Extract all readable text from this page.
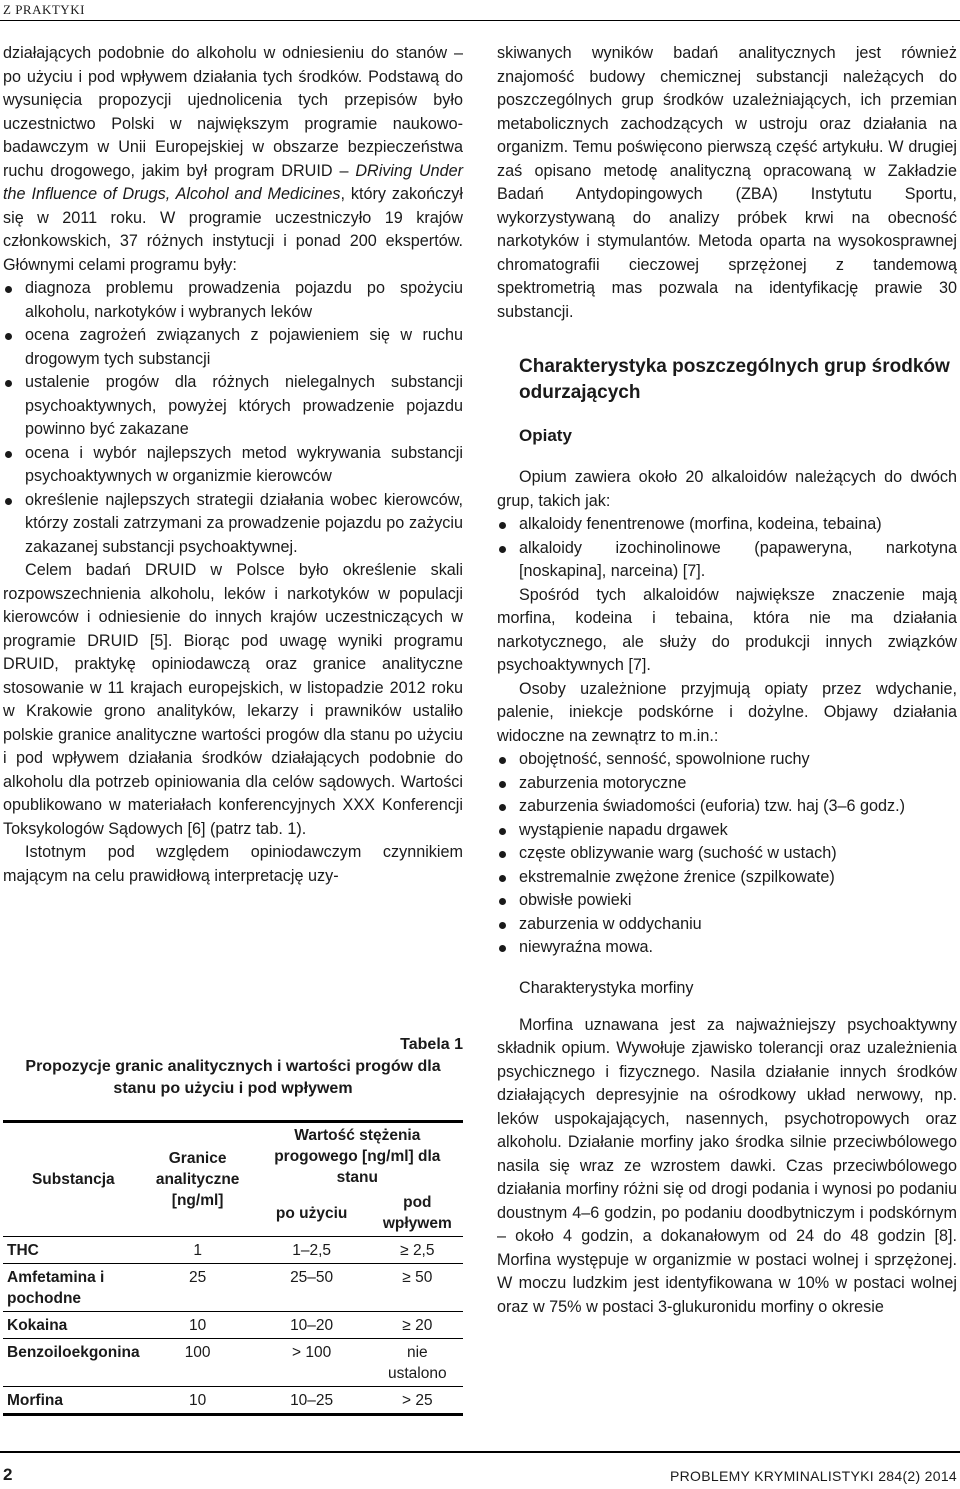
Z PRAKTYKI

działających podobnie do alkoholu w odniesieniu do stanów – po użyciu i pod wpływem działania tych środków. Podstawą do wysunięcia propozycji ujednolicenia tych przepisów było uczestnictwo Polski w największym programie naukowo-badawczym w Unii Europejskiej w obszarze bezpieczeństwa ruchu drogowego, jakim był program DRUID – DRiving Under the Influence of Drugs, Alcohol and Medicines, który zakończył się w 2011 roku. W programie uczestniczyło 19 krajów członkowskich, 37 różnych instytucji i ponad 200 ekspertów. Głównymi celami programu były:

diagnoza problemu prowadzenia pojazdu po spożyciu alkoholu, narkotyków i wybranych leków
ocena zagrożeń związanych z pojawieniem się w ruchu drogowym tych substancji
ustalenie progów dla różnych nielegalnych substancji psychoaktywnych, powyżej których prowadzenie pojazdu powinno być zakazane
ocena i wybór najlepszych metod wykrywania substancji psychoaktywnych w organizmie kierowców
określenie najlepszych strategii działania wobec kierowców, którzy zostali zatrzymani za prowadzenie pojazdu po zażyciu zakazanej substancji psychoaktywnej.

Celem badań DRUID w Polsce było określenie skali rozpowszechnienia alkoholu, leków i narkotyków w populacji kierowców i odniesienie do innych krajów uczestniczących w programie DRUID [5]. Biorąc pod uwagę wyniki programu DRUID, praktykę opiniodawczą oraz granice analityczne stosowanie w 11 krajach europejskich, w listopadzie 2012 roku w Krakowie grono analityków, lekarzy i prawników ustaliło polskie granice analityczne wartości progów dla stanu po użyciu i pod wpływem działania środków działających podobnie do alkoholu dla potrzeb opiniowania dla celów sądowych. Wartości opublikowano w materiałach konferencyjnych XXX Konferencji Toksykologów Sądowych [6] (patrz tab. 1).

Istotnym pod względem opiniodawczym czynnikiem mającym na celu prawidłową interpretację uzy-

Tabela 1
Propozycje granic analitycznych i wartości progów dla stanu po użyciu i pod wpływem
Substancja	Granice analityczne [ng/ml]	Wartość stężenia progowego [ng/ml] dla stanu	
		po użyciu	pod wpływem
THC	1	1–2,5	≥ 2,5
Amfetamina i pochodne	25	25–50	≥ 50
Kokaina	10	10–20	≥ 20
Benzoiloekgonina	100	> 100	nie ustalono
Morfina	10	10–25	> 25

skiwanych wyników badań analitycznych jest również znajomość budowy chemicznej substancji należących do poszczególnych grup środków uzależniających, ich przemian metabolicznych zachodzących w ustroju oraz działania na organizm. Temu poświęcono pierwszą część artykułu. W drugiej zaś opisano metodę analityczną opracowaną w Zakładzie Badań Antydopingowych (ZBA) Instytutu Sportu, wykorzystywaną do analizy próbek krwi na obecność narkotyków i stymulantów. Metoda oparta na wysokosprawnej chromatografii cieczowej sprzężonej z tandemową spektrometrią mas pozwala na identyfikację prawie 30 substancji.

Charakterystyka poszczególnych grup środków odurzających
Opiaty

Opium zawiera około 20 alkaloidów należących do dwóch grup, takich jak:

alkaloidy fenentrenowe (morfina, kodeina, tebaina)
alkaloidy izochinolinowe (papaweryna, narkotyna [noskapina], narceina) [7].

Spośród tych alkaloidów największe znaczenie mają morfina, kodeina i tebaina, która nie ma działania narkotycznego, ale służy do produkcji innych związków psychoaktywnych [7].

Osoby uzależnione przyjmują opiaty przez wdychanie, palenie, iniekcje podskórne i dożylne. Objawy działania widoczne na zewnątrz to m.in.:

obojętność, senność, spowolnione ruchy
zaburzenia motoryczne
zaburzenia świadomości (euforia) tzw. haj (3–6 godz.)
wystąpienie napadu drgawek
częste oblizywanie warg (suchość w ustach)
ekstremalnie zwężone źrenice (szpilkowate)
obwisłe powieki
zaburzenia w oddychaniu
niewyraźna mowa.
Charakterystyka morfiny

Morfina uznawana jest za najważniejszy psychoaktywny składnik opium. Wywołuje zjawisko tolerancji oraz uzależnienia psychicznego i fizycznego. Nasila działanie innych środków działających depresyjnie na ośrodkowy układ nerwowy, np. leków uspokajających, nasennych, psychotropowych oraz alkoholu. Działanie morfiny jako środka silnie przeciwbólowego nasila się wraz ze wzrostem dawki. Czas przeciwbólowego działania morfiny różni się od drogi podania i wynosi po podaniu doustnym 4–6 godzin, po podaniu doodbytniczym i podskórnym – około 4 godzin, a dokanałowym od 24 do 48 godzin [8]. Morfina występuje w organizmie w postaci wolnej i sprzężonej. W moczu ludzkim jest identyfikowana w 10% w postaci wolnej oraz w 75% w postaci 3-glukuronidu morfiny o okresie

2	PROBLEMY KRYMINALISTYKI 284(2) 2014
